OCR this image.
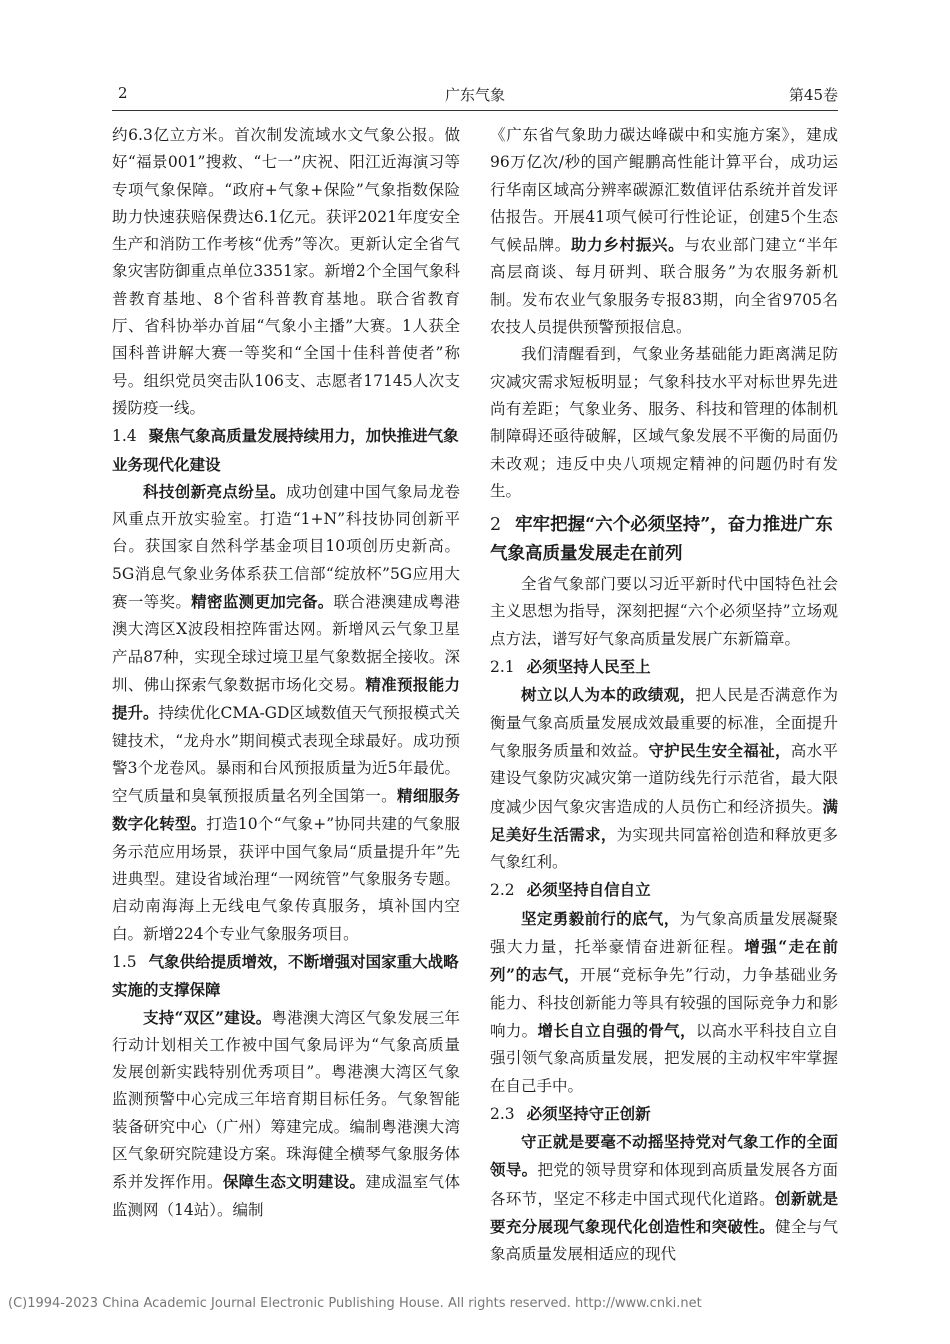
2	广东气象	第45卷

约6.3亿立方米。首次制发流域水文气象公报。做好“福景001”搜救、“七一”庆祝、阳江近海演习等专项气象保障。“政府+气象+保险”气象指数保险助力快速获赔保费达6.1亿元。获评2021年度安全生产和消防工作考核“优秀”等次。更新认定全省气象灾害防御重点单位3351家。新增2个全国气象科普教育基地、8个省科普教育基地。联合省教育厅、省科协举办首届“气象小主播”大赛。1人获全国科普讲解大赛一等奖和“全国十佳科普使者”称号。组织党员突击队106支、志愿者17145人次支援防疫一线。

1.4 聚焦气象高质量发展持续用力，加快推进气象业务现代化建设

科技创新亮点纷呈。成功创建中国气象局龙卷风重点开放实验室。打造“1+N”科技协同创新平台。获国家自然科学基金项目10项创历史新高。5G消息气象业务体系获工信部“绽放杯”5G应用大赛一等奖。精密监测更加完备。联合港澳建成粤港澳大湾区X波段相控阵雷达网。新增风云气象卫星产品87种，实现全球过境卫星气象数据全接收。深圳、佛山探索气象数据市场化交易。精准预报能力提升。持续优化CMA-GD区域数值天气预报模式关键技术，“龙舟水”期间模式表现全球最好。成功预警3个龙卷风。暴雨和台风预报质量为近5年最优。空气质量和臭氧预报质量名列全国第一。精细服务数字化转型。打造10个“气象+”协同共建的气象服务示范应用场景，获评中国气象局“质量提升年”先进典型。建设省域治理“一网统管”气象服务专题。启动南海海上无线电气象传真服务，填补国内空白。新增224个专业气象服务项目。

1.5 气象供给提质增效，不断增强对国家重大战略实施的支撑保障

支持“双区”建设。粤港澳大湾区气象发展三年行动计划相关工作被中国气象局评为“气象高质量发展创新实践特别优秀项目”。粤港澳大湾区气象监测预警中心完成三年培育期目标任务。气象智能装备研究中心（广州）筹建完成。编制粤港澳大湾区气象研究院建设方案。珠海健全横琴气象服务体系并发挥作用。保障生态文明建设。建成温室气体监测网（14站）。编制

《广东省气象助力碳达峰碳中和实施方案》，建成96万亿次/秒的国产鲲鹏高性能计算平台，成功运行华南区域高分辨率碳源汇数值评估系统并首发评估报告。开展41项气候可行性论证，创建5个生态气候品牌。助力乡村振兴。与农业部门建立“半年高层商谈、每月研判、联合服务”为农服务新机制。发布农业气象服务专报83期，向全省9705名农技人员提供预警预报信息。

我们清醒看到，气象业务基础能力距离满足防灾减灾需求短板明显；气象科技水平对标世界先进尚有差距；气象业务、服务、科技和管理的体制机制障碍还亟待破解，区域气象发展不平衡的局面仍未改观；违反中央八项规定精神的问题仍时有发生。

2 牢牢把握“六个必须坚持”，奋力推进广东气象高质量发展走在前列

全省气象部门要以习近平新时代中国特色社会主义思想为指导，深刻把握“六个必须坚持”立场观点方法，谱写好气象高质量发展广东新篇章。

2.1 必须坚持人民至上

树立以人为本的政绩观，把人民是否满意作为衡量气象高质量发展成效最重要的标准，全面提升气象服务质量和效益。守护民生安全福祉，高水平建设气象防灾减灾第一道防线先行示范省，最大限度减少因气象灾害造成的人员伤亡和经济损失。满足美好生活需求，为实现共同富裕创造和释放更多气象红利。

2.2 必须坚持自信自立

坚定勇毅前行的底气，为气象高质量发展凝聚强大力量，托举豪情奋进新征程。增强“走在前列”的志气，开展“竞标争先”行动，力争基础业务能力、科技创新能力等具有较强的国际竞争力和影响力。增长自立自强的骨气，以高水平科技自立自强引领气象高质量发展，把发展的主动权牢牢掌握在自己手中。

2.3 必须坚持守正创新

守正就是要毫不动摇坚持党对气象工作的全面领导。把党的领导贯穿和体现到高质量发展各方面各环节，坚定不移走中国式现代化道路。创新就是要充分展现气象现代化创造性和突破性。健全与气象高质量发展相适应的现代

(C)1994-2023 China Academic Journal Electronic Publishing House. All rights reserved. http://www.cnki.net
